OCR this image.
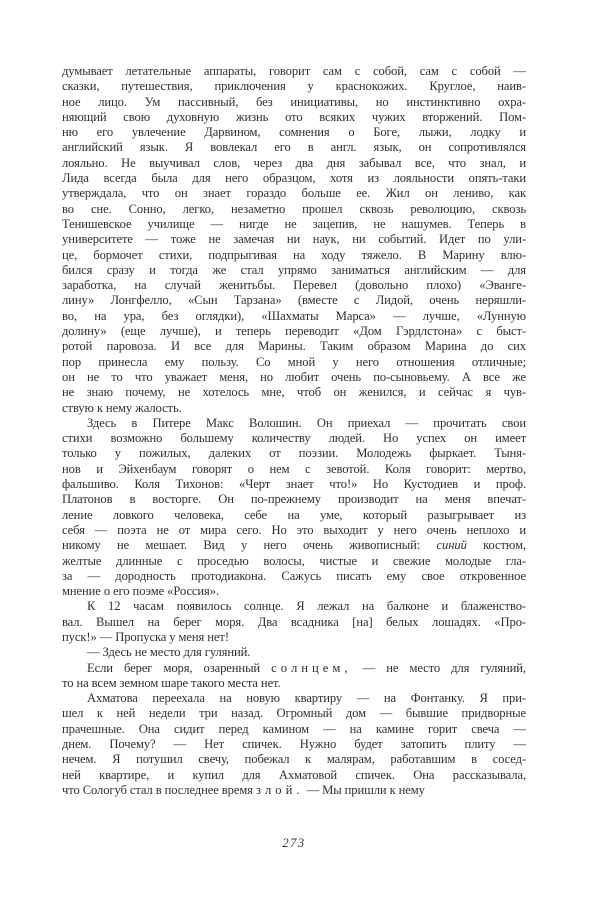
думывает летательные аппараты, говорит сам с собой, сам с собой —
сказки, путешествия, приключения у краснокожих. Круглое, наив-
ное лицо. Ум пассивный, без инициативы, но инстинктивно охра-
няющий свою духовную жизнь ото всяких чужих вторжений. Пом-
ню его увлечение Дарвином, сомнения о Боге, лыжи, лодку и
английский язык. Я вовлекал его в англ. язык, он сопротивлялся
лояльно. Не выучивал слов, через два дня забывал все, что знал, и
Лида всегда была для него образцом, хотя из лояльности опять-таки
утверждала, что он знает гораздо больше ее. Жил он лениво, как
во сне. Сонно, легко, незаметно прошел сквозь революцию, сквозь
Тенишевское училище — нигде не зацепив, не нашумев. Теперь в
университете — тоже не замечая ни наук, ни событий. Идет по ули-
це, бормочет стихи, подпрыгивая на ходу тяжело. В Марину влю-
бился сразу и тогда же стал упрямо заниматься английским — для
заработка, на случай женитьбы. Перевел (довольно плохо) «Эванге-
лину» Лонгфелло, «Сын Тарзана» (вместе с Лидой, очень неряшли-
во, на ура, без оглядки), «Шахматы Марса» — лучше, «Лунную
долину» (еще лучше), и теперь переводит «Дом Гэрдлстона» с быст-
ротой паровоза. И все для Марины. Таким образом Марина до сих
пор принесла ему пользу. Со мной у него отношения отличные;
он не то что уважает меня, но любит очень по-сыновьему. А все же
не знаю почему, не хотелось мне, чтоб он женился, и сейчас я чув-
ствую к нему жалость.
Здесь в Питере Макс Волошин. Он приехал — прочитать свои
стихи возможно большему количеству людей. Но успех он имеет
только у пожилых, далеких от поэзии. Молодежь фыркает. Тыня-
нов и Эйхенбаум говорят о нем с зевотой. Коля говорит: мертво,
фальшиво. Коля Тихонов: «Черт знает что!» Но Кустодиев и проф.
Платонов в восторге. Он по-прежнему производит на меня впечат-
ление ловкого человека, себе на уме, который разыгрывает из
себя — поэта не от мира сего. Но это выходит у него очень неплохо и
никому не мешает. Вид у него очень живописный: синий костюм,
желтые длинные с проседью волосы, чистые и свежие молодые гла-
за — дородность протодиакона. Сажусь писать ему свое откровенное
мнение о его поэме «Россия».
К 12 часам появилось солнце. Я лежал на балконе и блаженство-
вал. Вышел на берег моря. Два всадника [на] белых лошадях. «Про-
пуск!» — Пропуска у меня нет!
— Здесь не место для гуляний.
Если берег моря, озаренный солнцем, — не место для гуляний,
то на всем земном шаре такого места нет.
Ахматова переехала на новую квартиру — на Фонтанку. Я при-
шел к ней недели три назад. Огромный дом — бывшие придворные
прачешные. Она сидит перед камином — на камине горит свеча —
днем. Почему? — Нет спичек. Нужно будет затопить плиту —
нечем. Я потушил свечу, побежал к малярам, работавшим в сосед-
ней квартире, и купил для Ахматовой спичек. Она рассказывала,
что Сологуб стал в последнее время злой. — Мы пришли к нему
273
